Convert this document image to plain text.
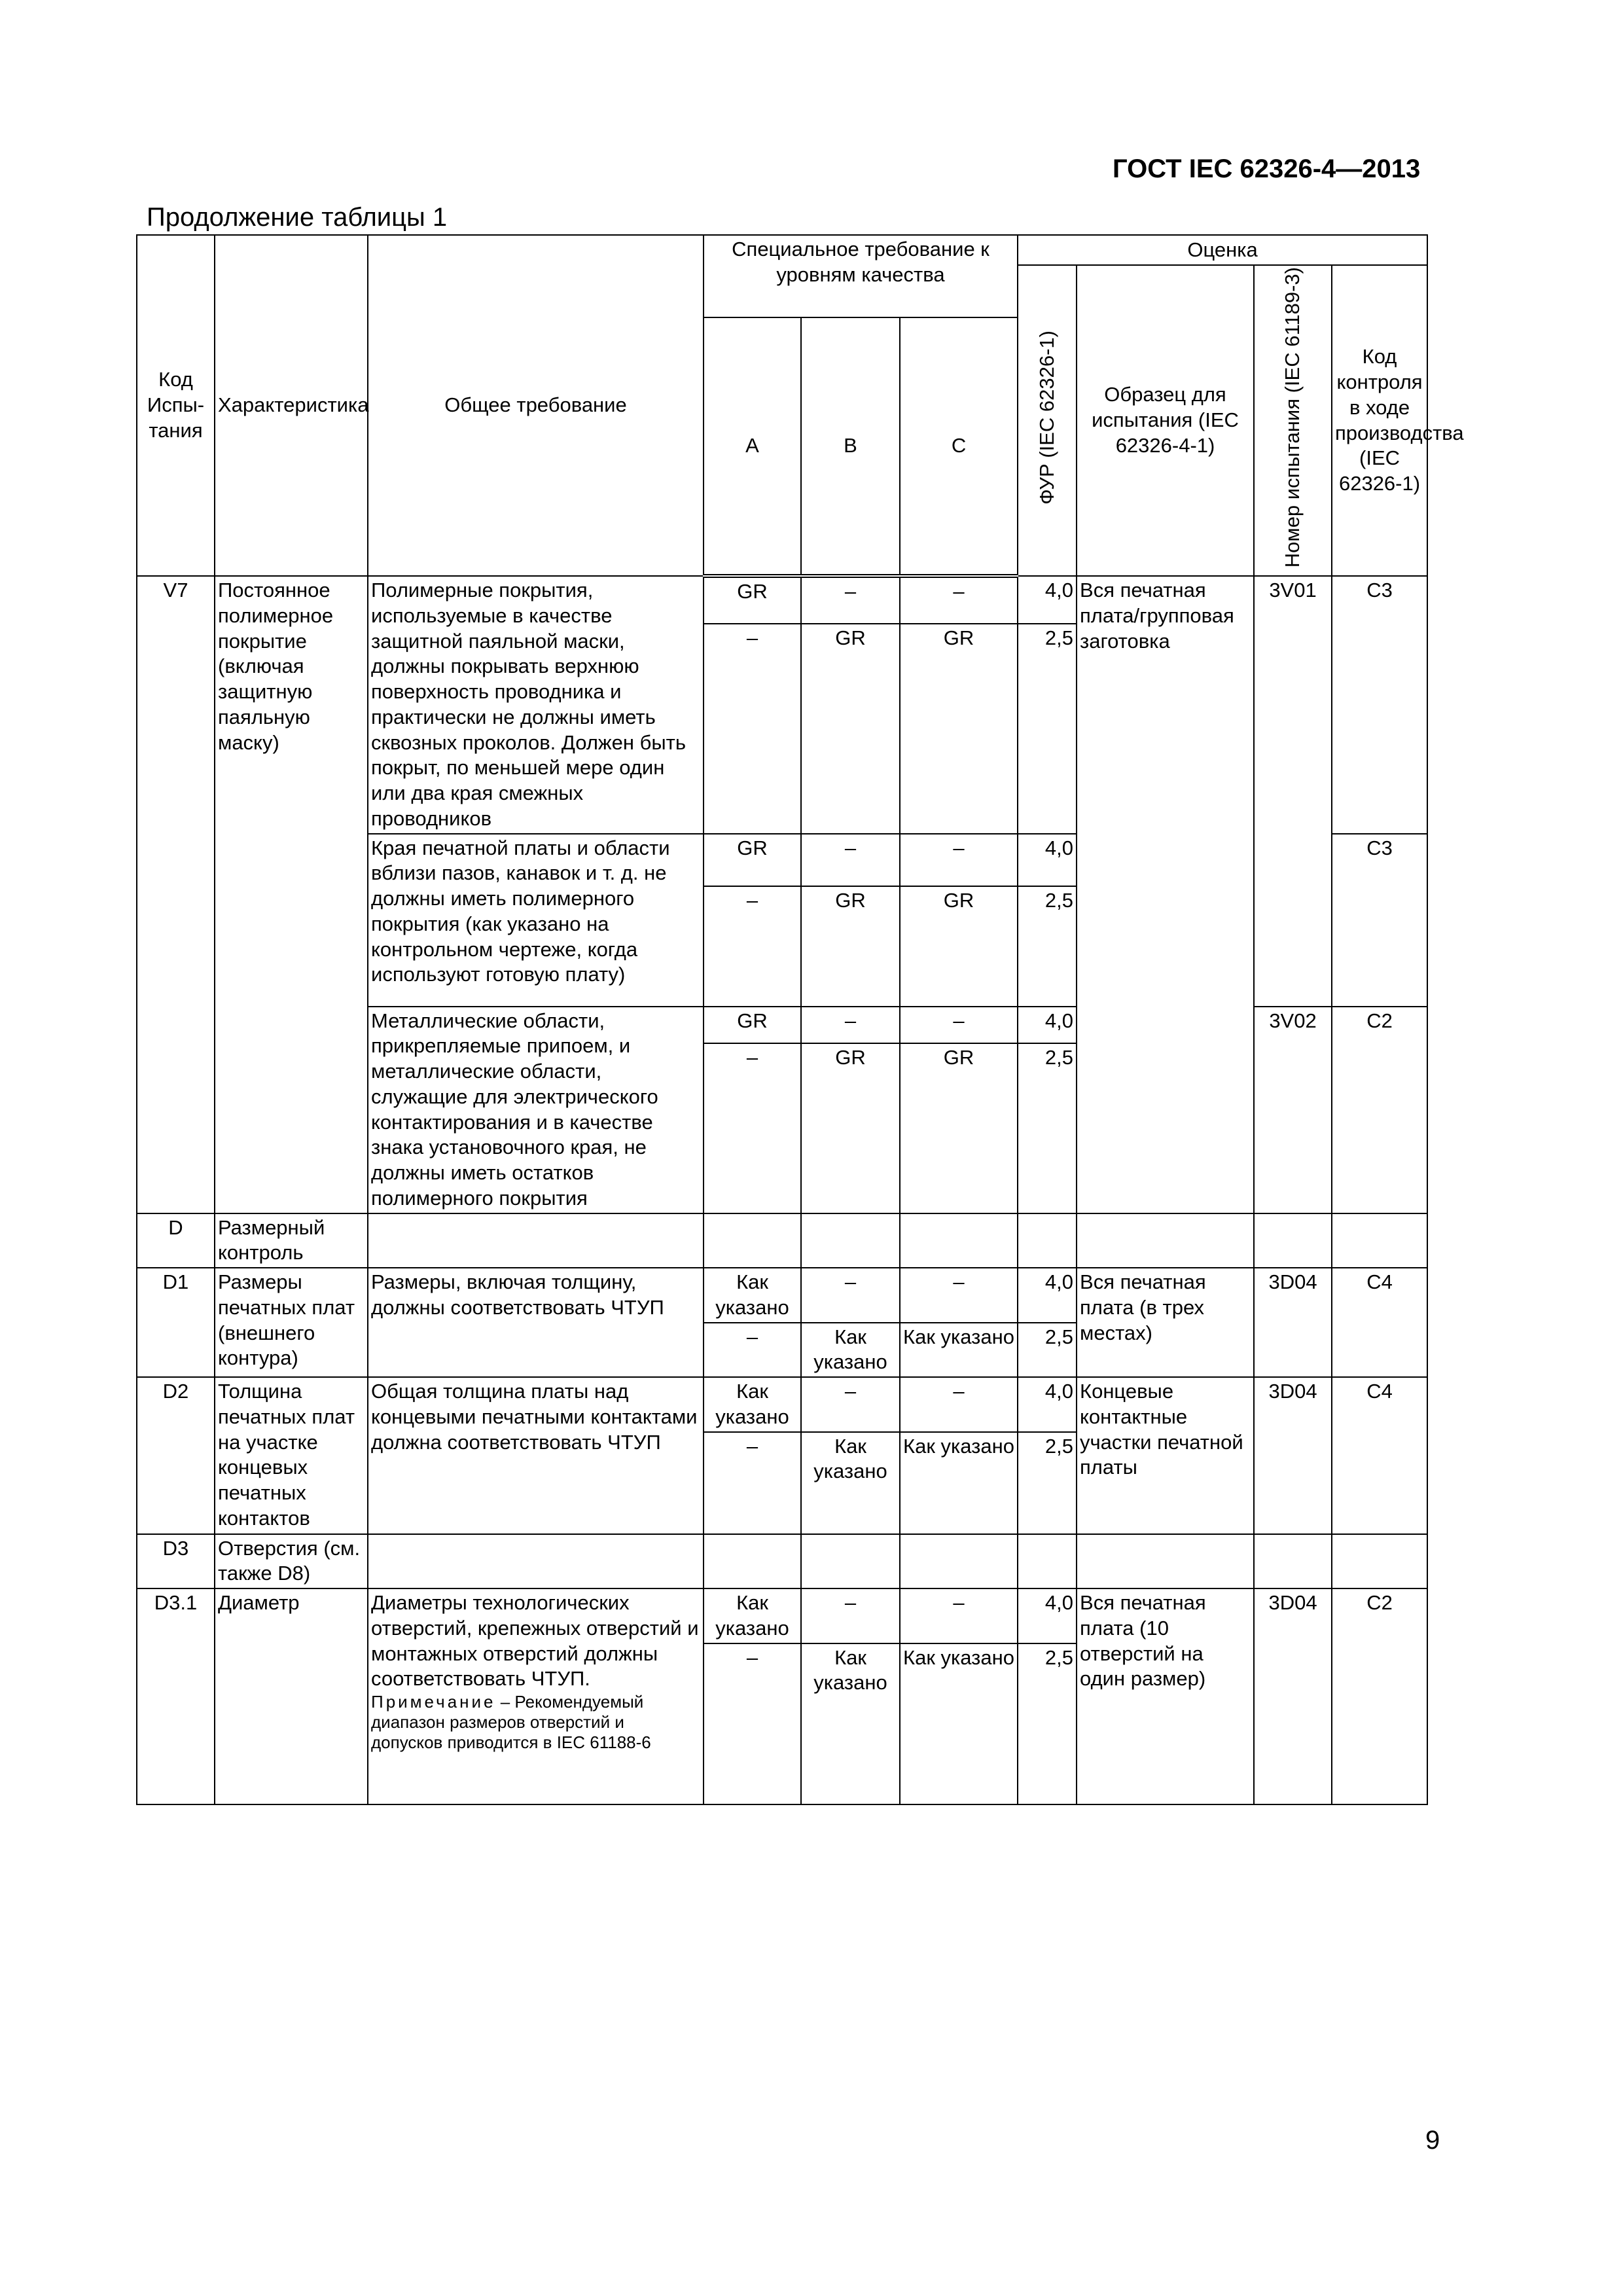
ГОСТ IEC 62326-4—2013
Продолжение таблицы 1
Код Испы-тания	Характеристика	Общее требование	Специальное требование к уровням качества			Оценка			
						ФУР (IEC 62326-1)	Образец для испытания (IEC 62326-4-1)	Номер испытания (IEC 61189-3)	Код контроля в ходе производства (IEC 62326-1)
			A	B	C				
V7	Постоянное полимерное покрытие (включая защитную паяльную маску)	Полимерные покрытия, используемые в качестве защитной паяльной маски, должны покрывать верхнюю поверхность проводника и практически не должны иметь сквозных проколов. Должен быть покрыт, по меньшей мере один или два края смежных проводников	GR	–	–	4,0	Вся печатная плата/групповая заготовка	3V01	C3
			–	GR	GR	2,5			
		Края печатной платы и области вблизи пазов, канавок и т. д. не должны иметь полимерного покрытия (как указано на контрольном чертеже, когда используют готовую плату)	GR	–	–	4,0			C3
			–	GR	GR	2,5			
		Металлические области, прикрепляемые припоем, и металлические области, служащие для электрического контактирования и в качестве знака установочного края, не должны иметь остатков полимерного покрытия	GR	–	–	4,0		3V02	C2
			–	GR	GR	2,5			
D	Размерный контроль								
D1	Размеры печатных плат (внешнего контура)	Размеры, включая толщину, должны соответствовать ЧТУП	Как указано	–	–	4,0	Вся печатная плата (в трех местах)	3D04	C4
			–	Как указано	Как указано	2,5			
D2	Толщина печатных плат на участке концевых печатных контактов	Общая толщина платы над концевыми печатными контактами должна соответствовать ЧТУП	Как указано	–	–	4,0	Концевые контактные участки печатной платы	3D04	C4
			–	Как указано	Как указано	2,5			
D3	Отверстия (см. также D8)								
D3.1	Диаметр	Диаметры технологических отверстий, крепежных отверстий и монтажных отверстий должны соответствовать ЧТУП.
Примечание – Рекомендуемый диапазон размеров отверстий и допусков приводится в IEC 61188-6	Как указано	–	–	4,0	Вся печатная плата (10 отверстий на один размер)	3D04	C2
			–	Как указано	Как указано	2,5			
9
